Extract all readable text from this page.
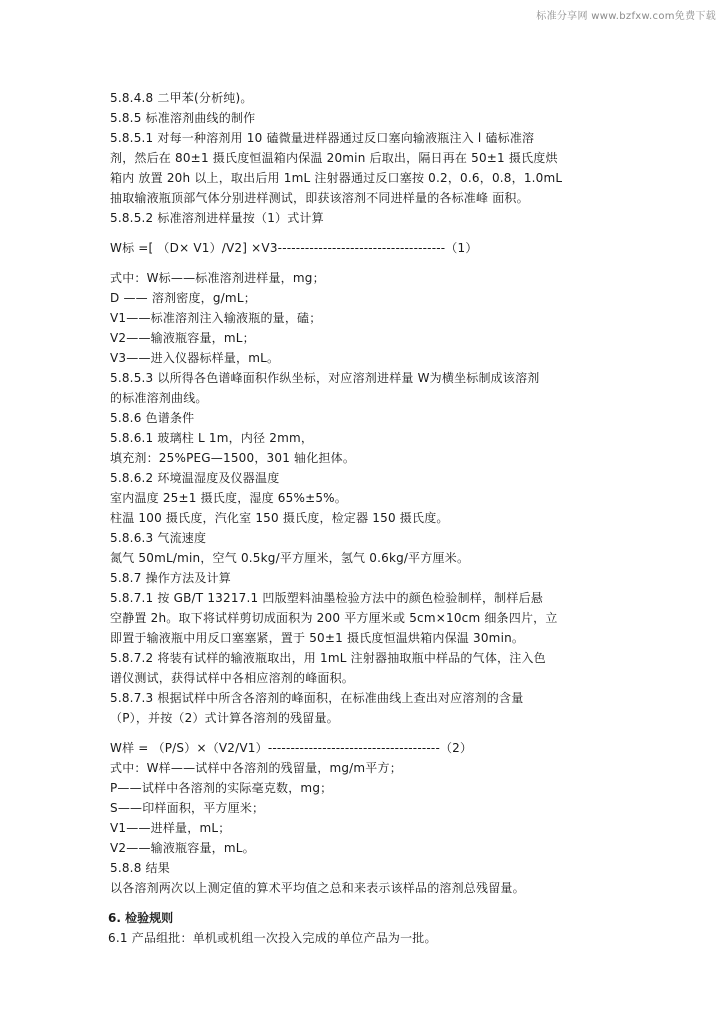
标准分享网 www.bzfxw.com免费下载
5.8.4.8 二甲苯(分析纯)。
5.8.5 标准溶剂曲线的制作
5.8.5.1 对每一种溶剂用 10 磕微量进样器通过反口塞向输液瓶注入 l 磕标准溶
剂，然后在 80±1 摄氏度恒温箱内保温 20min 后取出，隔日再在 50±1 摄氏度烘
箱内 放置 20h 以上，取出后用 1mL 注射器通过反口塞按 0.2，0.6，0.8，1.0mL
抽取输液瓶顶部气体分别进样测试，即获该溶剂不同进样量的各标准峰 面积。
5.8.5.2 标准溶剂进样量按（1）式计算
W标 =[ （D× V1）/V2] ×V3-------------------------------------（1）
式中：W标——标准溶剂进样量，mg；
D —— 溶剂密度，g/mL；
V1——标准溶剂注入输液瓶的量，磕；
V2——输液瓶容量，mL；
V3——进入仪器标样量，mL。
5.8.5.3 以所得各色谱峰面积作纵坐标，对应溶剂进样量 W为横坐标制成该溶剂
的标准溶剂曲线。
5.8.6 色谱条件
5.8.6.1 玻璃柱 L 1m，内径 2mm，
填充剂：25%PEG—1500，301 轴化担体。
5.8.6.2 环境温湿度及仪器温度
室内温度 25±1 摄氏度，湿度 65%±5%。
柱温 100 摄氏度，汽化室 150 摄氏度，检定器 150 摄氏度。
5.8.6.3 气流速度
氮气 50mL/min，空气 0.5kg/平方厘米，氢气 0.6kg/平方厘米。
5.8.7 操作方法及计算
5.8.7.1 按 GB/T 13217.1 凹版塑料油墨检验方法中的颜色检验制样，制样后悬
空静置 2h。取下将试样剪切成面积为 200 平方厘米或 5cm×10cm 细条四片，立
即置于输液瓶中用反口塞塞紧，置于 50±1 摄氏度恒温烘箱内保温 30min。
5.8.7.2 将装有试样的输液瓶取出，用 1mL 注射器抽取瓶中样品的气体，注入色
谱仪测试，获得试样中各相应溶剂的峰面积。
5.8.7.3 根据试样中所含各溶剂的峰面积，在标准曲线上查出对应溶剂的含量
（P），并按（2）式计算各溶剂的残留量。
W样 = （P/S）×（V2/V1）--------------------------------------（2）
式中：W样——试样中各溶剂的残留量，mg/m平方；
P——试样中各溶剂的实际毫克数，mg；
S——印样面积，平方厘米；
V1——进样量，mL；
V2——输液瓶容量，mL。
5.8.8 结果
以各溶剂两次以上测定值的算术平均值之总和来表示该样品的溶剂总残留量。
6. 检验规则
6.1 产品组批：单机或机组一次投入完成的单位产品为一批。
